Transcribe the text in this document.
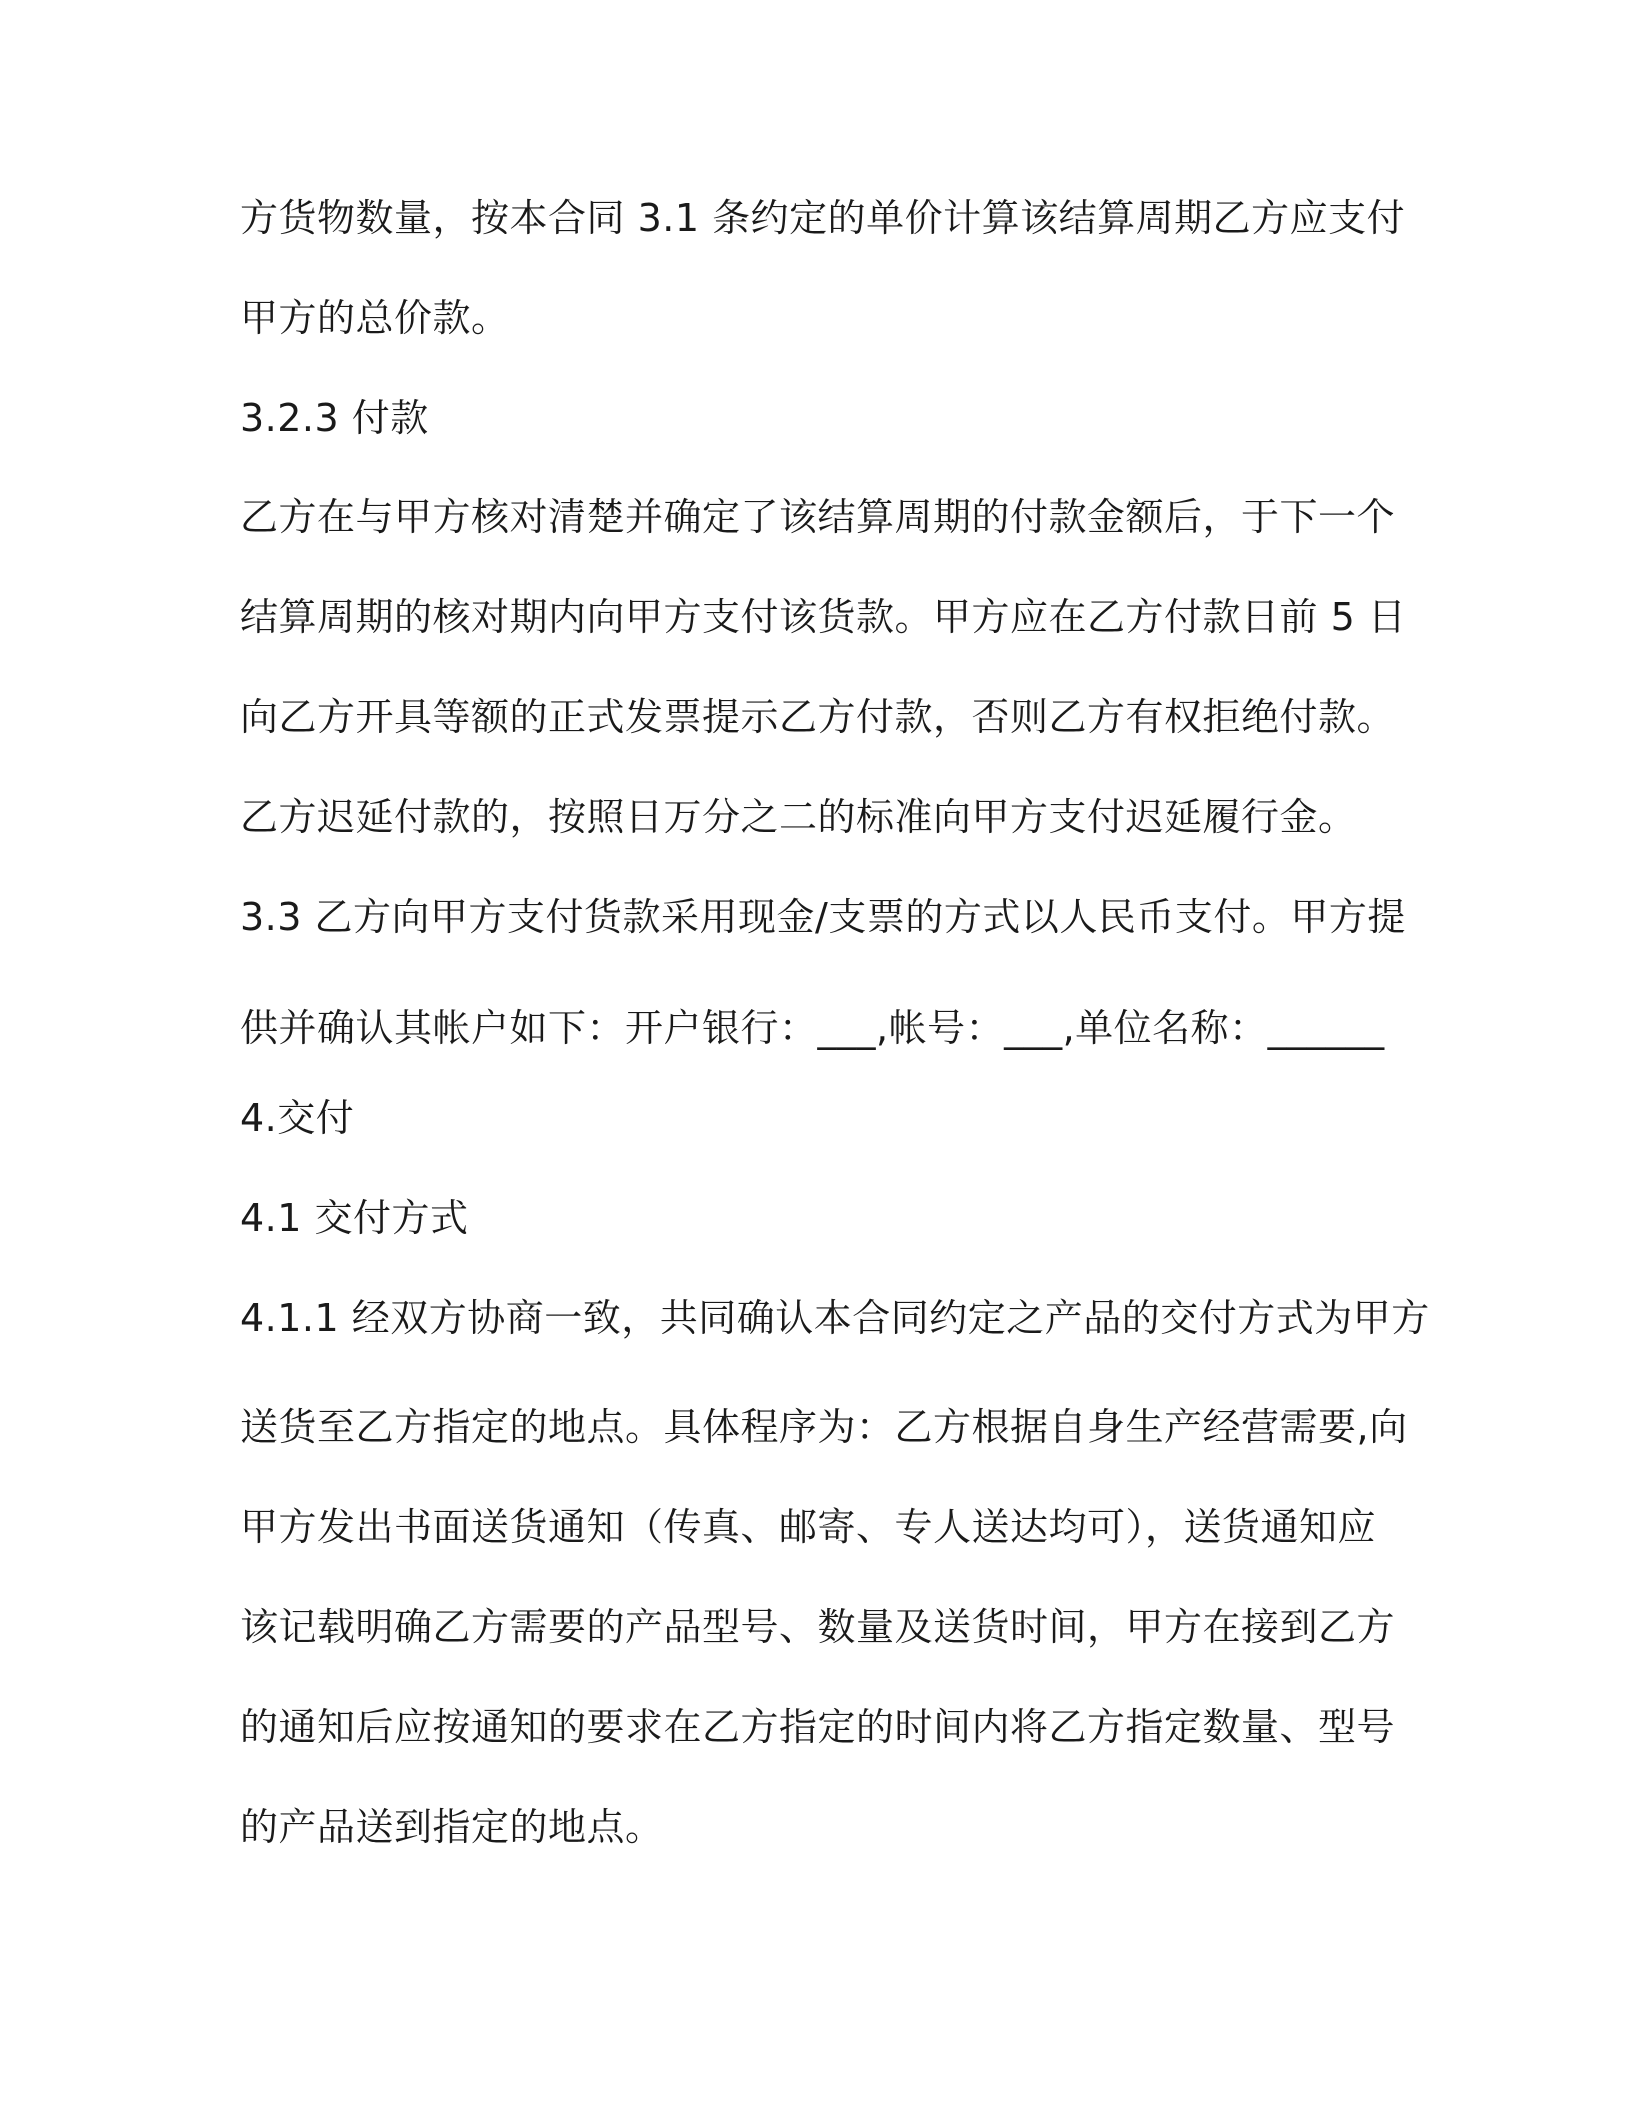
方货物数量，按本合同 3.1 条约定的单价计算该结算周期乙方应支付
甲方的总价款。
3.2.3 付款
乙方在与甲方核对清楚并确定了该结算周期的付款金额后，于下一个
结算周期的核对期内向甲方支付该货款。甲方应在乙方付款日前 5 日
向乙方开具等额的正式发票提示乙方付款，否则乙方有权拒绝付款。
乙方迟延付款的，按照日万分之二的标准向甲方支付迟延履行金。
3.3 乙方向甲方支付货款采用现金/支票的方式以人民币支付。甲方提
供并确认其帐户如下：开户银行：___,帐号：___,单位名称：______
4.交付
4.1 交付方式
4.1.1 经双方协商一致，共同确认本合同约定之产品的交付方式为甲方
送货至乙方指定的地点。具体程序为：乙方根据自身生产经营需要,向
甲方发出书面送货通知（传真、邮寄、专人送达均可），送货通知应
该记载明确乙方需要的产品型号、数量及送货时间，甲方在接到乙方
的通知后应按通知的要求在乙方指定的时间内将乙方指定数量、型号
的产品送到指定的地点。
